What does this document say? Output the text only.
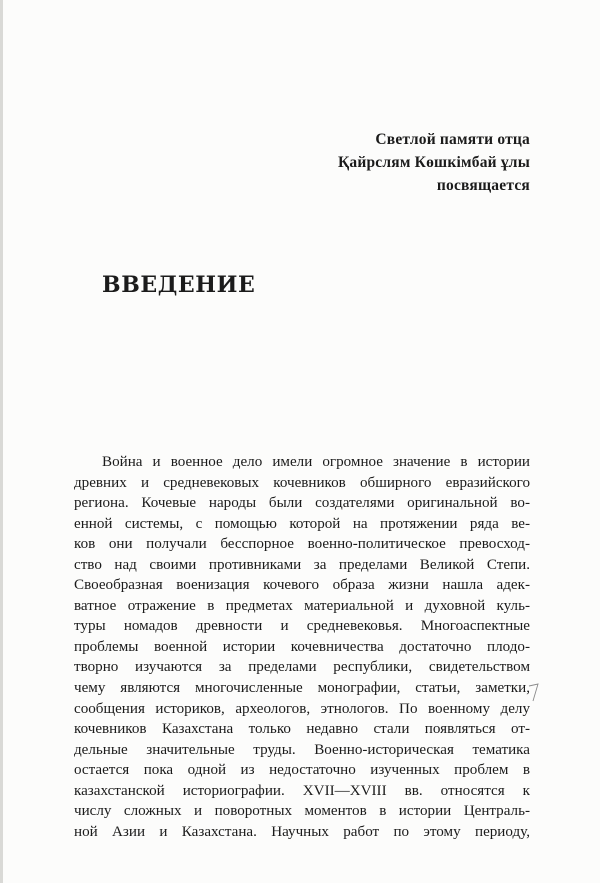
Светлой памяти отца
Қайрслям Көшкімбай ұлы
посвящается
ВВЕДЕНИЕ
Война и военное дело имели огромное значение в истории
древних и средневековых кочевников обширного евразийского
региона. Кочевые народы были создателями оригинальной во-
енной системы, с помощью которой на протяжении ряда ве-
ков они получали бесспорное военно-политическое превосход-
ство над своими противниками за пределами Великой Степи.
Своеобразная военизация кочевого образа жизни нашла адек-
ватное отражение в предметах материальной и духовной куль-
туры номадов древности и средневековья. Многоаспектные
проблемы военной истории кочевничества достаточно плодо-
творно изучаются за пределами республики, свидетельством
чему являются многочисленные монографии, статьи, заметки,
сообщения историков, археологов, этнологов. По военному делу
кочевников Казахстана только недавно стали появляться от-
дельные значительные труды. Военно-историческая тематика
остается пока одной из недостаточно изученных проблем в
казахстанской историографии. XVII—XVIII вв. относятся к
числу сложных и поворотных моментов в истории Централь-
ной Азии и Казахстана. Научных работ по этому периоду,
